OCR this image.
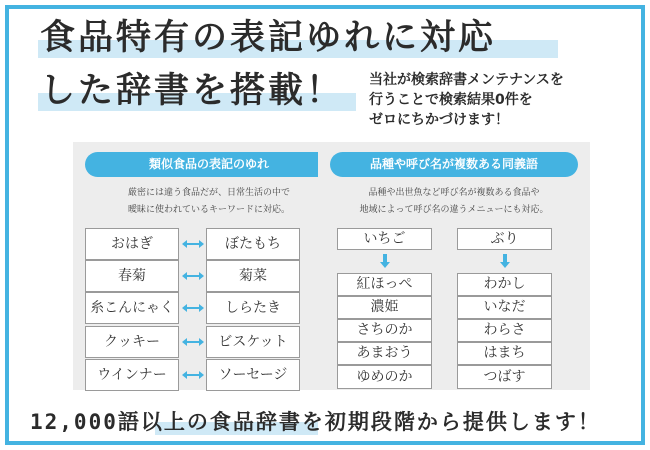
食品特有の表記ゆれに対応
した辞書を搭載！ 当社が検索辞書メンテナンスを
行うことで検索結果0件を
ゼロにちかづけます！
類似食品の表記のゆれ
厳密には違う食品だが、日常生活の中で
曖昧に使われているキーワードに対応。
おはぎ	ぼたもち
春菊	菊菜
糸こんにゃく	しらたき
クッキー	ビスケット
ウインナー	ソーセージ
品種や呼び名が複数ある同義語
品種や出世魚など呼び名が複数ある食品や
地域によって呼び名の違うメニューにも対応。
いちご
紅ほっぺ
濃姫
さちのか
あまおう
ゆめのか
ぶり
わかし
いなだ
わらさ
はまち
つばす
12,000語以上の食品辞書を初期段階から提供します！
